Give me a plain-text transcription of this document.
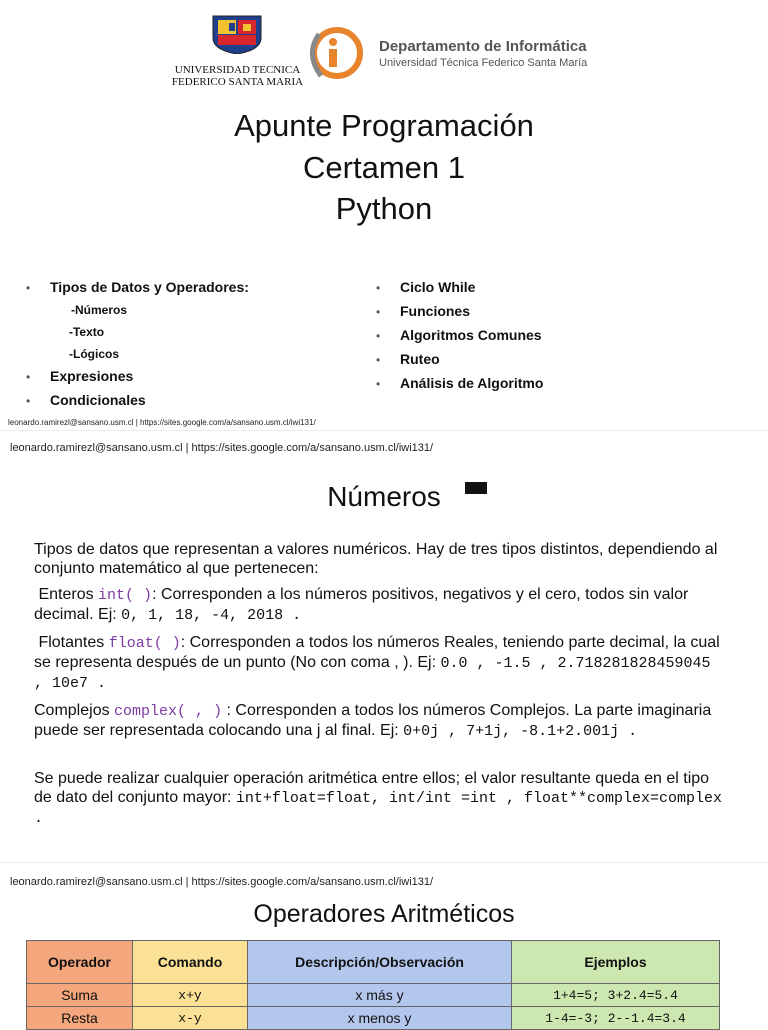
UNIVERSIDAD TECNICA
FEDERICO SANTA MARIA
Departamento de Informática
Universidad Técnica Federico Santa María
Apunte Programación
Certamen 1
Python
• Tipos de Datos y Operadores:
-Números
-Texto
-Lógicos
• Expresiones
• Condicionales
• Ciclo While
• Funciones
• Algoritmos Comunes
• Ruteo
• Análisis de Algoritmo
leonardo.ramirezl@sansano.usm.cl | https://sites.google.com/a/sansano.usm.cl/iwi131/
leonardo.ramirezl@sansano.usm.cl | https://sites.google.com/a/sansano.usm.cl/iwi131/
Números
Tipos de datos que representan a valores numéricos. Hay de tres tipos distintos, dependiendo al conjunto matemático al que pertenecen:
Enteros int( ): Corresponden a los números positivos, negativos y el cero, todos sin valor decimal. Ej: 0, 1, 18, -4, 2018 .
Flotantes float( ): Corresponden a todos los números Reales, teniendo parte decimal, la cual se representa después de un punto (No con coma , ). Ej: 0.0 , -1.5 , 2.718281828459045 , 10e7 .
Complejos complex( , ) : Corresponden a todos los números Complejos. La parte imaginaria puede ser representada colocando una j al final. Ej: 0+0j , 7+1j, -8.1+2.001j .
Se puede realizar cualquier operación aritmética entre ellos; el valor resultante queda en el tipo de dato del conjunto mayor: int+float=float, int/int =int , float**complex=complex .
leonardo.ramirezl@sansano.usm.cl | https://sites.google.com/a/sansano.usm.cl/iwi131/
Operadores Aritméticos
Operador	Comando	Descripción/Observación	Ejemplos
Suma	x+y	x más y	1+4=5; 3+2.4=5.4
Resta	x-y	x menos y	1-4=-3; 2--1.4=3.4
